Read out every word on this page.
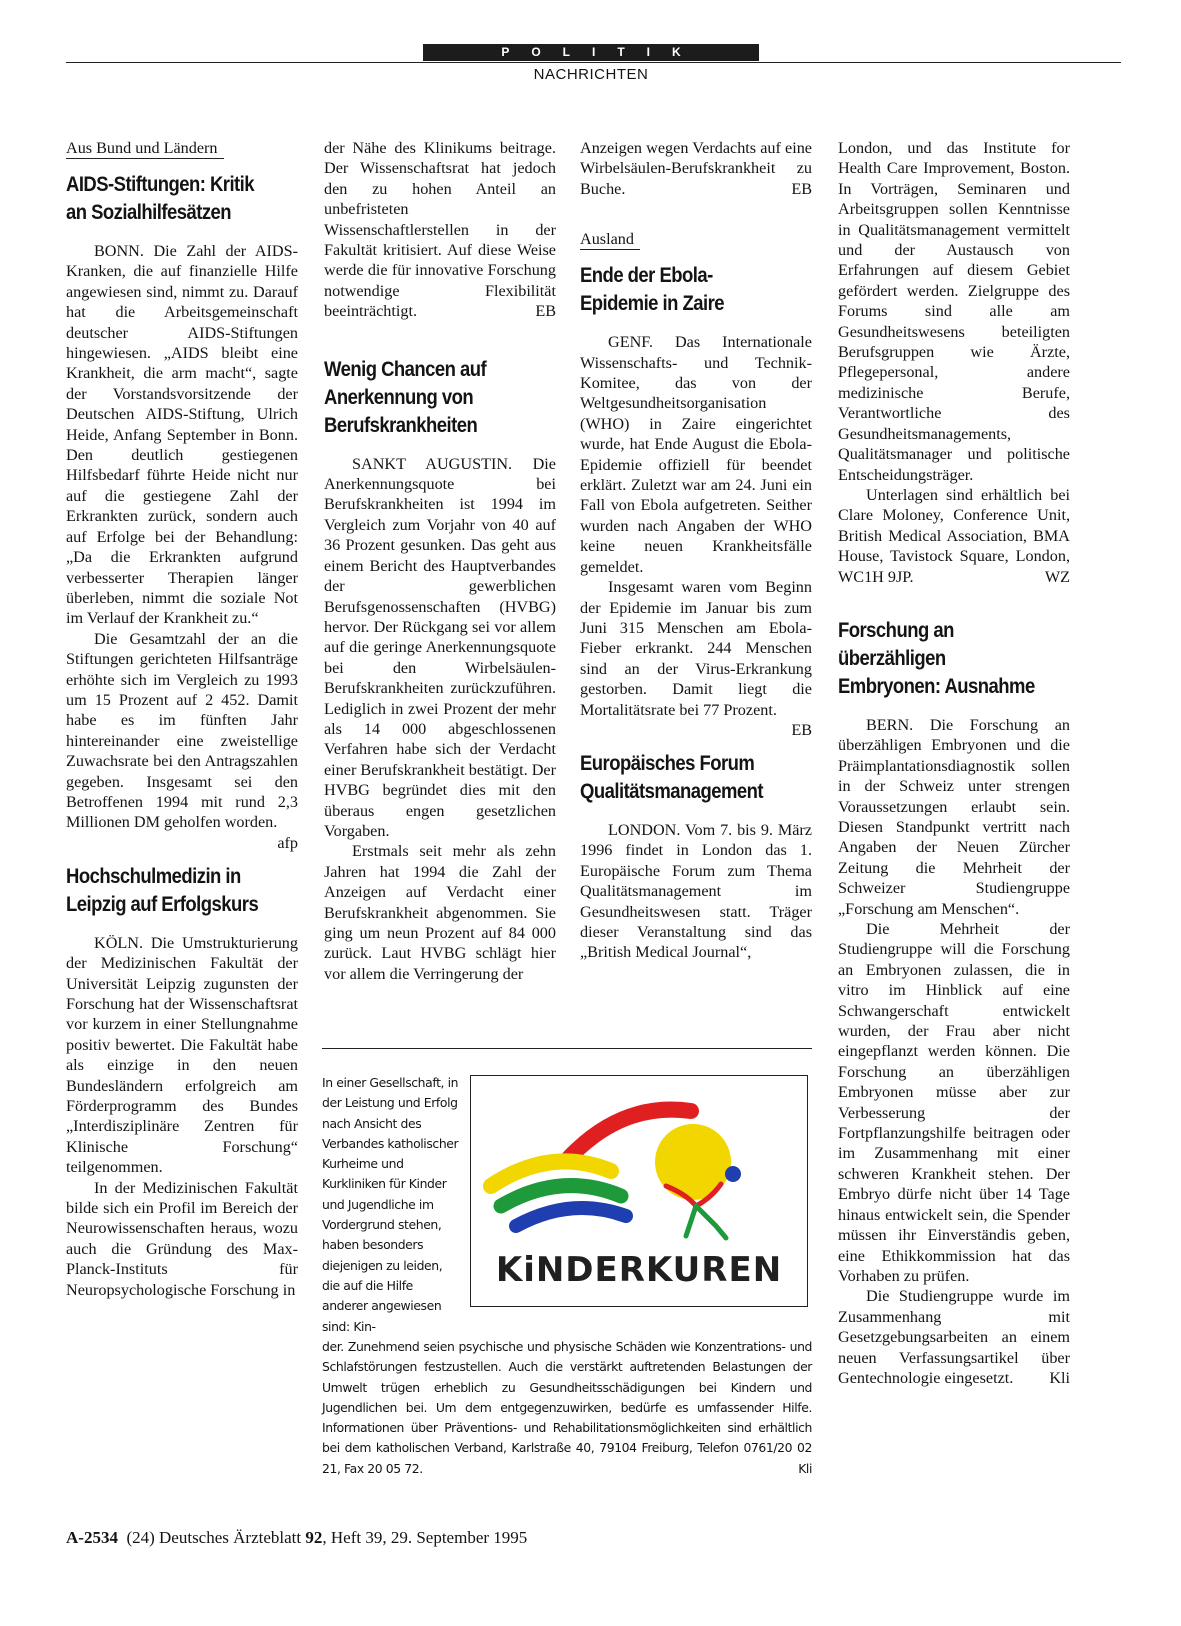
POLITIK
NACHRICHTEN
Aus Bund und Ländern
AIDS-Stiftungen: Kritik
an Sozialhilfesätzen

BONN. Die Zahl der AIDS-Kranken, die auf finanzielle Hilfe angewiesen sind, nimmt zu. Darauf hat die Arbeitsgemeinschaft deutscher AIDS-Stiftungen hingewiesen. „AIDS bleibt eine Krankheit, die arm macht“, sagte der Vorstandsvorsitzende der Deutschen AIDS-Stiftung, Ulrich Heide, Anfang September in Bonn. Den deutlich gestiegenen Hilfsbedarf führte Heide nicht nur auf die gestiegene Zahl der Erkrankten zurück, sondern auch auf Erfolge bei der Behandlung: „Da die Erkrankten aufgrund verbesserter Therapien länger überleben, nimmt die soziale Not im Verlauf der Krankheit zu.“

Die Gesamtzahl der an die Stiftungen gerichteten Hilfsanträge erhöhte sich im Vergleich zu 1993 um 15 Prozent auf 2 452. Damit habe es im fünften Jahr hintereinander eine zweistellige Zuwachsrate bei den Antragszahlen gegeben. Insgesamt sei den Betroffenen 1994 mit rund 2,3 Millionen DM geholfen worden.
afp

Hochschulmedizin in
Leipzig auf Erfolgskurs

KÖLN. Die Umstrukturierung der Medizinischen Fakultät der Universität Leipzig zugunsten der Forschung hat der Wissenschaftsrat vor kurzem in einer Stellungnahme positiv bewertet. Die Fakultät habe als einzige in den neuen Bundesländern erfolgreich am Förderprogramm des Bundes „Interdisziplinäre Zentren für Klinische Forschung“ teilgenommen.

In der Medizinischen Fakultät bilde sich ein Profil im Bereich der Neurowissenschaften heraus, wozu auch die Gründung des Max-Planck-Instituts für Neuropsychologische Forschung in

der Nähe des Klinikums beitrage. Der Wissenschaftsrat hat jedoch den zu hohen Anteil an unbefristeten Wissenschaftlerstellen in der Fakultät kritisiert. Auf diese Weise werde die für innovative Forschung notwendige Flexibilität beeinträchtigt.	EB

Wenig Chancen auf
Anerkennung von
Berufskrankheiten

SANKT AUGUSTIN. Die Anerkennungsquote bei Berufskrankheiten ist 1994 im Vergleich zum Vorjahr von 40 auf 36 Prozent gesunken. Das geht aus einem Bericht des Hauptverbandes der gewerblichen Berufsgenossenschaften (HVBG) hervor. Der Rückgang sei vor allem auf die geringe Anerkennungsquote bei den Wirbelsäulen-Berufskrankheiten zurückzuführen. Lediglich in zwei Prozent der mehr als 14 000 abgeschlossenen Verfahren habe sich der Verdacht einer Berufskrankheit bestätigt. Der HVBG begründet dies mit den überaus engen gesetzlichen Vorgaben.

Erstmals seit mehr als zehn Jahren hat 1994 die Zahl der Anzeigen auf Verdacht einer Berufskrankheit abgenommen. Sie ging um neun Prozent auf 84 000 zurück. Laut HVBG schlägt hier vor allem die Verringerung der

Anzeigen wegen Verdachts auf eine Wirbelsäulen-Berufskrankheit zu Buche.	EB

Ausland
Ende der Ebola-
Epidemie in Zaire

GENF. Das Internationale Wissenschafts- und Technik-Komitee, das von der Weltgesundheitsorganisation (WHO) in Zaire eingerichtet wurde, hat Ende August die Ebola-Epidemie offiziell für beendet erklärt. Zuletzt war am 24. Juni ein Fall von Ebola aufgetreten. Seither wurden nach Angaben der WHO keine neuen Krankheitsfälle gemeldet.

Insgesamt waren vom Beginn der Epidemie im Januar bis zum Juni 315 Menschen am Ebola-Fieber erkrankt. 244 Menschen sind an der Virus-Erkrankung gestorben. Damit liegt die Mortalitätsrate bei 77 Prozent.
EB

Europäisches Forum
Qualitätsmanagement

LONDON. Vom 7. bis 9. März 1996 findet in London das 1. Europäische Forum zum Thema Qualitätsmanagement im Gesundheitswesen statt. Träger dieser Veranstaltung sind das „British Medical Journal“,

London, und das Institute for Health Care Improvement, Boston. In Vorträgen, Seminaren und Arbeitsgruppen sollen Kenntnisse in Qualitätsmanagement vermittelt und der Austausch von Erfahrungen auf diesem Gebiet gefördert werden. Zielgruppe des Forums sind alle am Gesundheitswesens beteiligten Berufsgruppen wie Ärzte, Pflegepersonal, andere medizinische Berufe, Verantwortliche des Gesundheitsmanagements, Qualitätsmanager und politische Entscheidungsträger.

Unterlagen sind erhältlich bei Clare Moloney, Conference Unit, British Medical Association, BMA House, Tavistock Square, London, WC1H 9JP.	WZ

Forschung an
überzähligen
Embryonen: Ausnahme

BERN. Die Forschung an überzähligen Embryonen und die Präimplantationsdiagnostik sollen in der Schweiz unter strengen Voraussetzungen erlaubt sein. Diesen Standpunkt vertritt nach Angaben der Neuen Zürcher Zeitung die Mehrheit der Schweizer Studiengruppe „Forschung am Menschen“.

Die Mehrheit der Studiengruppe will die Forschung an Embryonen zulassen, die in vitro im Hinblick auf eine Schwangerschaft entwickelt wurden, der Frau aber nicht eingepflanzt werden können. Die Forschung an überzähligen Embryonen müsse aber zur Verbesserung der Fortpflanzungshilfe beitragen oder im Zusammenhang mit einer schweren Krankheit stehen. Der Embryo dürfe nicht über 14 Tage hinaus entwickelt sein, die Spender müssen ihr Einverständis geben, eine Ethikkommission hat das Vorhaben zu prüfen.

Die Studiengruppe wurde im Zusammenhang mit Gesetzgebungsarbeiten an einem neuen Verfassungsartikel über Gentechnologie eingesetzt.	Kli

In einer Gesellschaft, in der Leistung und Erfolg nach Ansicht des Verbandes katholischer Kurheime und Kurkliniken für Kinder und Jugendliche im Vordergrund stehen, haben besonders diejenigen zu leiden, die auf die Hilfe anderer angewiesen sind: Kin-
KiNDERKUREN
der. Zunehmend seien psychische und physische Schäden wie Konzentrations- und Schlafstörungen festzustellen. Auch die verstärkt auftretenden Belastungen der Umwelt trügen erheblich zu Gesundheitsschädigungen bei Kindern und Jugendlichen bei. Um dem entgegenzuwirken, bedürfe es umfassender Hilfe. Informationen über Präventions- und Rehabilitationsmöglichkeiten sind erhältlich bei dem katholischen Verband, Karlstraße 40, 79104 Freiburg, Telefon 0761/20 02 21, Fax 20 05 72.	Kli
A-2534 (24) Deutsches Ärzteblatt 92, Heft 39, 29. September 1995
